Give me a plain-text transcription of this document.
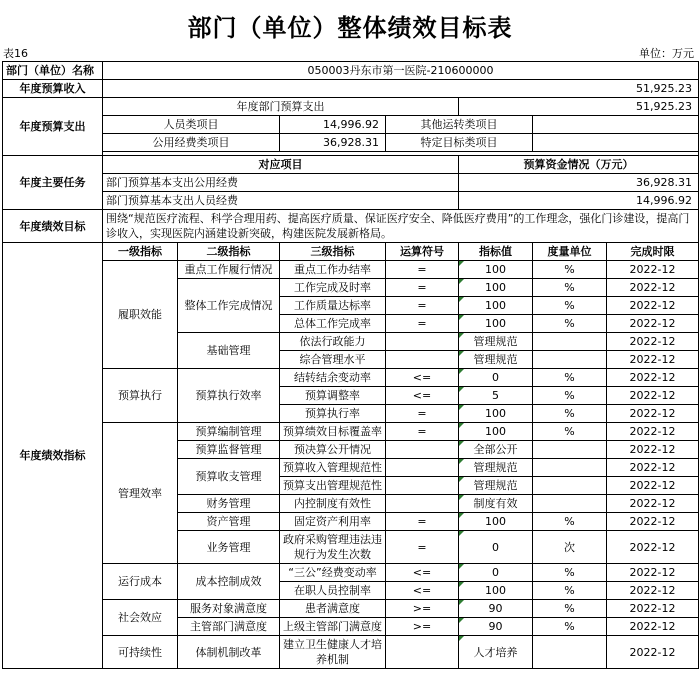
部门（单位）整体绩效目标表
表16	单位：万元
部门（单位）名称	050003丹东市第一医院-210600000						
年度预算收入	51,925.23						
年度预算支出	年度部门预算支出				51,925.23		
	人员类项目		14,996.92	其他运转类项目			
	公用经费类项目		36,928.31	特定目标类项目			

年度主要任务	对应项目				预算资金情况（万元）		
	部门预算基本支出公用经费				36,928.31		
	部门预算基本支出人员经费				14,996.92		
年度绩效目标	围绕“规范医疗流程、科学合理用药、提高医疗质量、保证医疗安全、降低医疗费用”的工作理念，强化门诊建设，提高门诊收入，实现医院内涵建设新突破，构建医院发展新格局。						
年度绩效指标	一级指标	二级指标	三级指标	运算符号	指标值	度量单位	完成时限
	履职效能	重点工作履行情况	重点工作办结率	=	100	%	2022-12
		整体工作完成情况	工作完成及时率	=	100	%	2022-12
			工作质量达标率	=	100	%	2022-12
			总体工作完成率	=	100	%	2022-12
		基础管理	依法行政能力		管理规范		2022-12
			综合管理水平		管理规范		2022-12
	预算执行	预算执行效率	结转结余变动率	<=	0	%	2022-12
			预算调整率	<=	5	%	2022-12
			预算执行率	=	100	%	2022-12
	管理效率	预算编制管理	预算绩效目标覆盖率	=	100	%	2022-12
		预算监督管理	预决算公开情况		全部公开		2022-12
		预算收支管理	预算收入管理规范性		管理规范		2022-12
			预算支出管理规范性		管理规范		2022-12
		财务管理	内控制度有效性		制度有效		2022-12
		资产管理	固定资产利用率	=	100	%	2022-12
		业务管理	政府采购管理违法违规行为发生次数	=	0	次	2022-12
	运行成本	成本控制成效	“三公”经费变动率	<=	0	%	2022-12
			在职人员控制率	<=	100	%	2022-12
	社会效应	服务对象满意度	患者满意度	>=	90	%	2022-12
		主管部门满意度	上级主管部门满意度	>=	90	%	2022-12
	可持续性	体制机制改革	建立卫生健康人才培养机制		人才培养		2022-12
